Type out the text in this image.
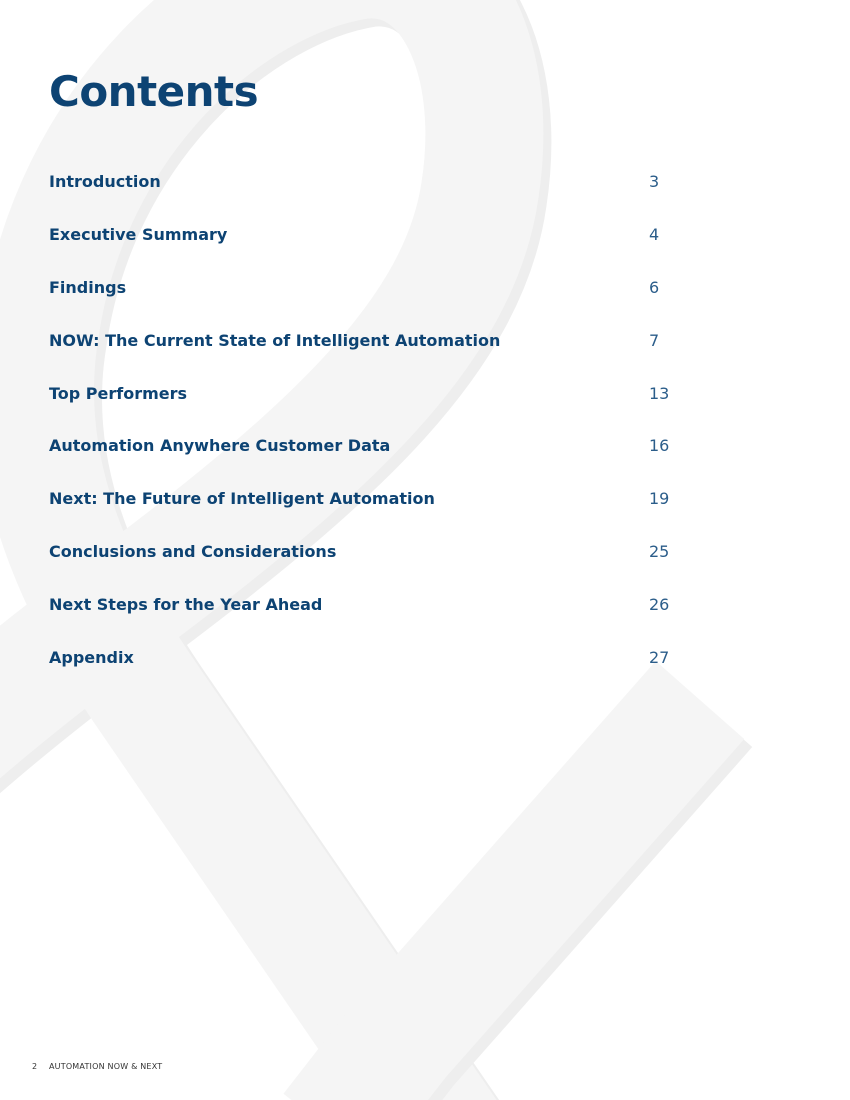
Contents
Introduction	3
Executive Summary	4
Findings	6
NOW: The Current State of Intelligent Automation	7
Top Performers	13
Automation Anywhere Customer Data	16
Next: The Future of Intelligent Automation	19
Conclusions and Considerations	25
Next Steps for the Year Ahead	26
Appendix	27
2 AUTOMATION NOW & NEXT
